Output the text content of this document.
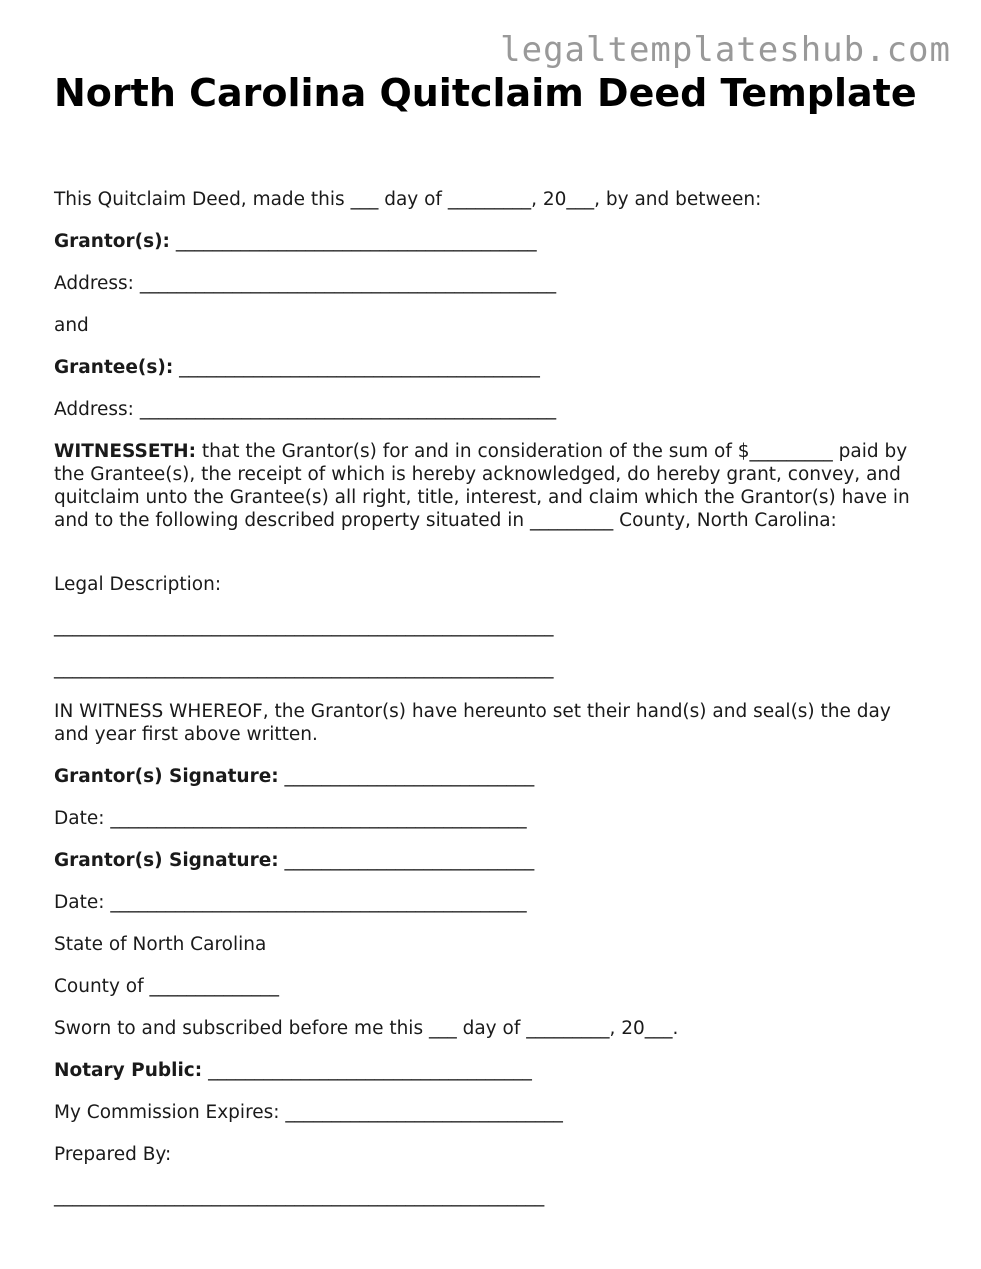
legaltemplateshub.com
North Carolina Quitclaim Deed Template
This Quitclaim Deed, made this ___ day of _________, 20___, by and between:
Grantor(s): _______________________________________
Address: _____________________________________________
and
Grantee(s): _______________________________________
Address: _____________________________________________
WITNESSETH: that the Grantor(s) for and in consideration of the sum of $_________ paid by the Grantee(s), the receipt of which is hereby acknowledged, do hereby grant, convey, and quitclaim unto the Grantee(s) all right, title, interest, and claim which the Grantor(s) have in and to the following described property situated in _________ County, North Carolina:
Legal Description:
______________________________________________________
______________________________________________________
IN WITNESS WHEREOF, the Grantor(s) have hereunto set their hand(s) and seal(s) the day and year first above written.
Grantor(s) Signature: ___________________________
Date: _____________________________________________
Grantor(s) Signature: ___________________________
Date: _____________________________________________
State of North Carolina
County of ______________
Sworn to and subscribed before me this ___ day of _________, 20___.
Notary Public: ___________________________________
My Commission Expires: ______________________________
Prepared By:
_____________________________________________________
